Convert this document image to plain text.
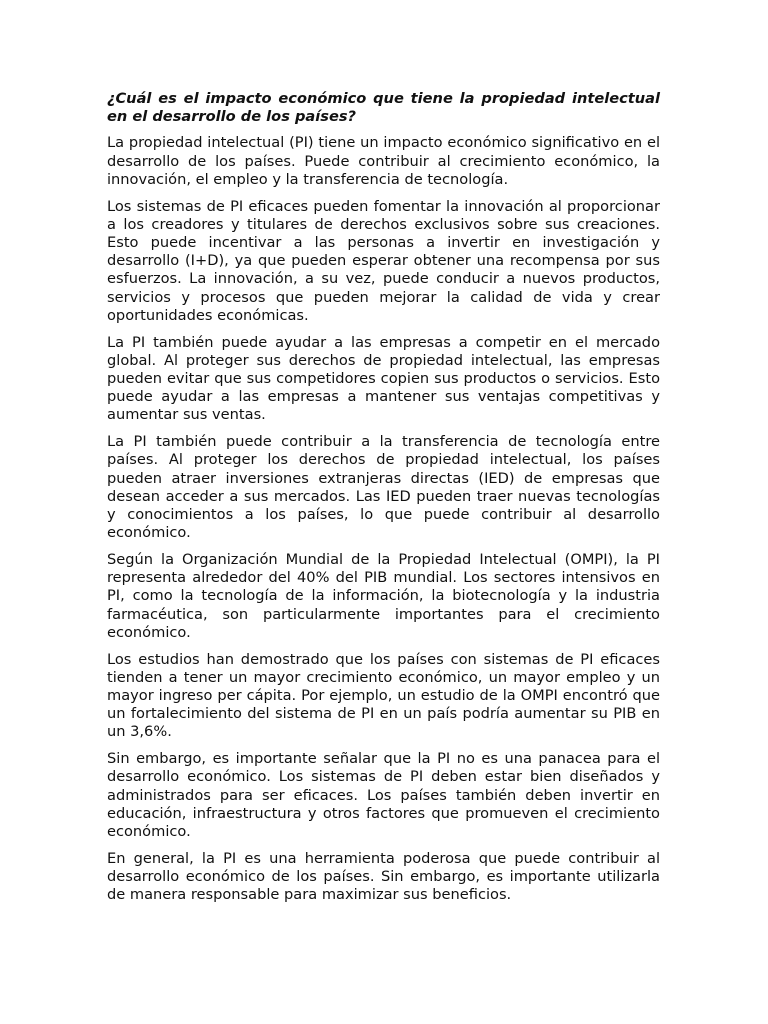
¿Cuál es el impacto económico que tiene la propiedad intelectual en el desarrollo de los países?

La propiedad intelectual (PI) tiene un impacto económico significativo en el desarrollo de los países. Puede contribuir al crecimiento económico, la innovación, el empleo y la transferencia de tecnología.

Los sistemas de PI eficaces pueden fomentar la innovación al proporcionar a los creadores y titulares de derechos exclusivos sobre sus creaciones. Esto puede incentivar a las personas a invertir en investigación y desarrollo (I+D), ya que pueden esperar obtener una recompensa por sus esfuerzos. La innovación, a su vez, puede conducir a nuevos productos, servicios y procesos que pueden mejorar la calidad de vida y crear oportunidades económicas.

La PI también puede ayudar a las empresas a competir en el mercado global. Al proteger sus derechos de propiedad intelectual, las empresas pueden evitar que sus competidores copien sus productos o servicios. Esto puede ayudar a las empresas a mantener sus ventajas competitivas y aumentar sus ventas.

La PI también puede contribuir a la transferencia de tecnología entre países. Al proteger los derechos de propiedad intelectual, los países pueden atraer inversiones extranjeras directas (IED) de empresas que desean acceder a sus mercados. Las IED pueden traer nuevas tecnologías y conocimientos a los países, lo que puede contribuir al desarrollo económico.

Según la Organización Mundial de la Propiedad Intelectual (OMPI), la PI representa alrededor del 40% del PIB mundial. Los sectores intensivos en PI, como la tecnología de la información, la biotecnología y la industria farmacéutica, son particularmente importantes para el crecimiento económico.

Los estudios han demostrado que los países con sistemas de PI eficaces tienden a tener un mayor crecimiento económico, un mayor empleo y un mayor ingreso per cápita. Por ejemplo, un estudio de la OMPI encontró que un fortalecimiento del sistema de PI en un país podría aumentar su PIB en un 3,6%.

Sin embargo, es importante señalar que la PI no es una panacea para el desarrollo económico. Los sistemas de PI deben estar bien diseñados y administrados para ser eficaces. Los países también deben invertir en educación, infraestructura y otros factores que promueven el crecimiento económico.

En general, la PI es una herramienta poderosa que puede contribuir al desarrollo económico de los países. Sin embargo, es importante utilizarla de manera responsable para maximizar sus beneficios.
